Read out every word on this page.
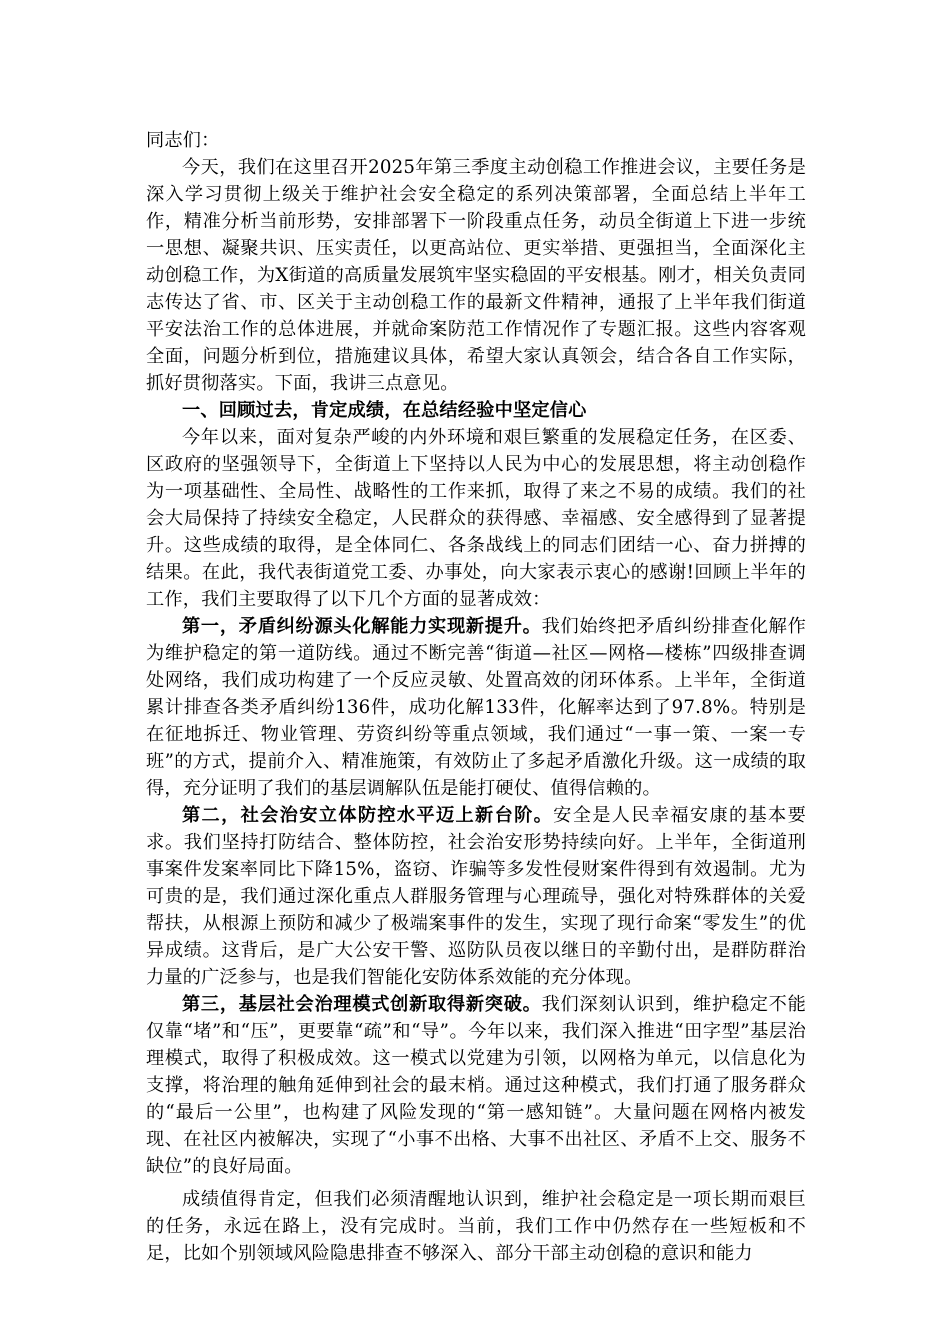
同志们：

今天，我们在这里召开2025年第三季度主动创稳工作推进会议，主要任务是深入学习贯彻上级关于维护社会安全稳定的系列决策部署，全面总结上半年工作，精准分析当前形势，安排部署下一阶段重点任务，动员全街道上下进一步统一思想、凝聚共识、压实责任，以更高站位、更实举措、更强担当，全面深化主动创稳工作，为X街道的高质量发展筑牢坚实稳固的平安根基。刚才，相关负责同志传达了省、市、区关于主动创稳工作的最新文件精神，通报了上半年我们街道平安法治工作的总体进展，并就命案防范工作情况作了专题汇报。这些内容客观全面，问题分析到位，措施建议具体，希望大家认真领会，结合各自工作实际，抓好贯彻落实。下面，我讲三点意见。

一、回顾过去，肯定成绩，在总结经验中坚定信心

今年以来，面对复杂严峻的内外环境和艰巨繁重的发展稳定任务，在区委、区政府的坚强领导下，全街道上下坚持以人民为中心的发展思想，将主动创稳作为一项基础性、全局性、战略性的工作来抓，取得了来之不易的成绩。我们的社会大局保持了持续安全稳定，人民群众的获得感、幸福感、安全感得到了显著提升。这些成绩的取得，是全体同仁、各条战线上的同志们团结一心、奋力拼搏的结果。在此，我代表街道党工委、办事处，向大家表示衷心的感谢!回顾上半年的工作，我们主要取得了以下几个方面的显著成效：

第一，矛盾纠纷源头化解能力实现新提升。我们始终把矛盾纠纷排查化解作为维护稳定的第一道防线。通过不断完善“街道—社区—网格—楼栋”四级排查调处网络，我们成功构建了一个反应灵敏、处置高效的闭环体系。上半年，全街道累计排查各类矛盾纠纷136件，成功化解133件，化解率达到了97.8%。特别是在征地拆迁、物业管理、劳资纠纷等重点领域，我们通过“一事一策、一案一专班”的方式，提前介入、精准施策，有效防止了多起矛盾激化升级。这一成绩的取得，充分证明了我们的基层调解队伍是能打硬仗、值得信赖的。

第二，社会治安立体防控水平迈上新台阶。安全是人民幸福安康的基本要求。我们坚持打防结合、整体防控，社会治安形势持续向好。上半年，全街道刑事案件发案率同比下降15%，盗窃、诈骗等多发性侵财案件得到有效遏制。尤为可贵的是，我们通过深化重点人群服务管理与心理疏导，强化对特殊群体的关爱帮扶，从根源上预防和减少了极端案事件的发生，实现了现行命案“零发生”的优异成绩。这背后，是广大公安干警、巡防队员夜以继日的辛勤付出，是群防群治力量的广泛参与，也是我们智能化安防体系效能的充分体现。

第三，基层社会治理模式创新取得新突破。我们深刻认识到，维护稳定不能仅靠“堵”和“压”，更要靠“疏”和“导”。今年以来，我们深入推进“田字型”基层治理模式，取得了积极成效。这一模式以党建为引领，以网格为单元，以信息化为支撑，将治理的触角延伸到社会的最末梢。通过这种模式，我们打通了服务群众的“最后一公里”，也构建了风险发现的“第一感知链”。大量问题在网格内被发现、在社区内被解决，实现了“小事不出格、大事不出社区、矛盾不上交、服务不缺位”的良好局面。

成绩值得肯定，但我们必须清醒地认识到，维护社会稳定是一项长期而艰巨的任务，永远在路上，没有完成时。当前，我们工作中仍然存在一些短板和不足，比如个别领域风险隐患排查不够深入、部分干部主动创稳的意识和能力
